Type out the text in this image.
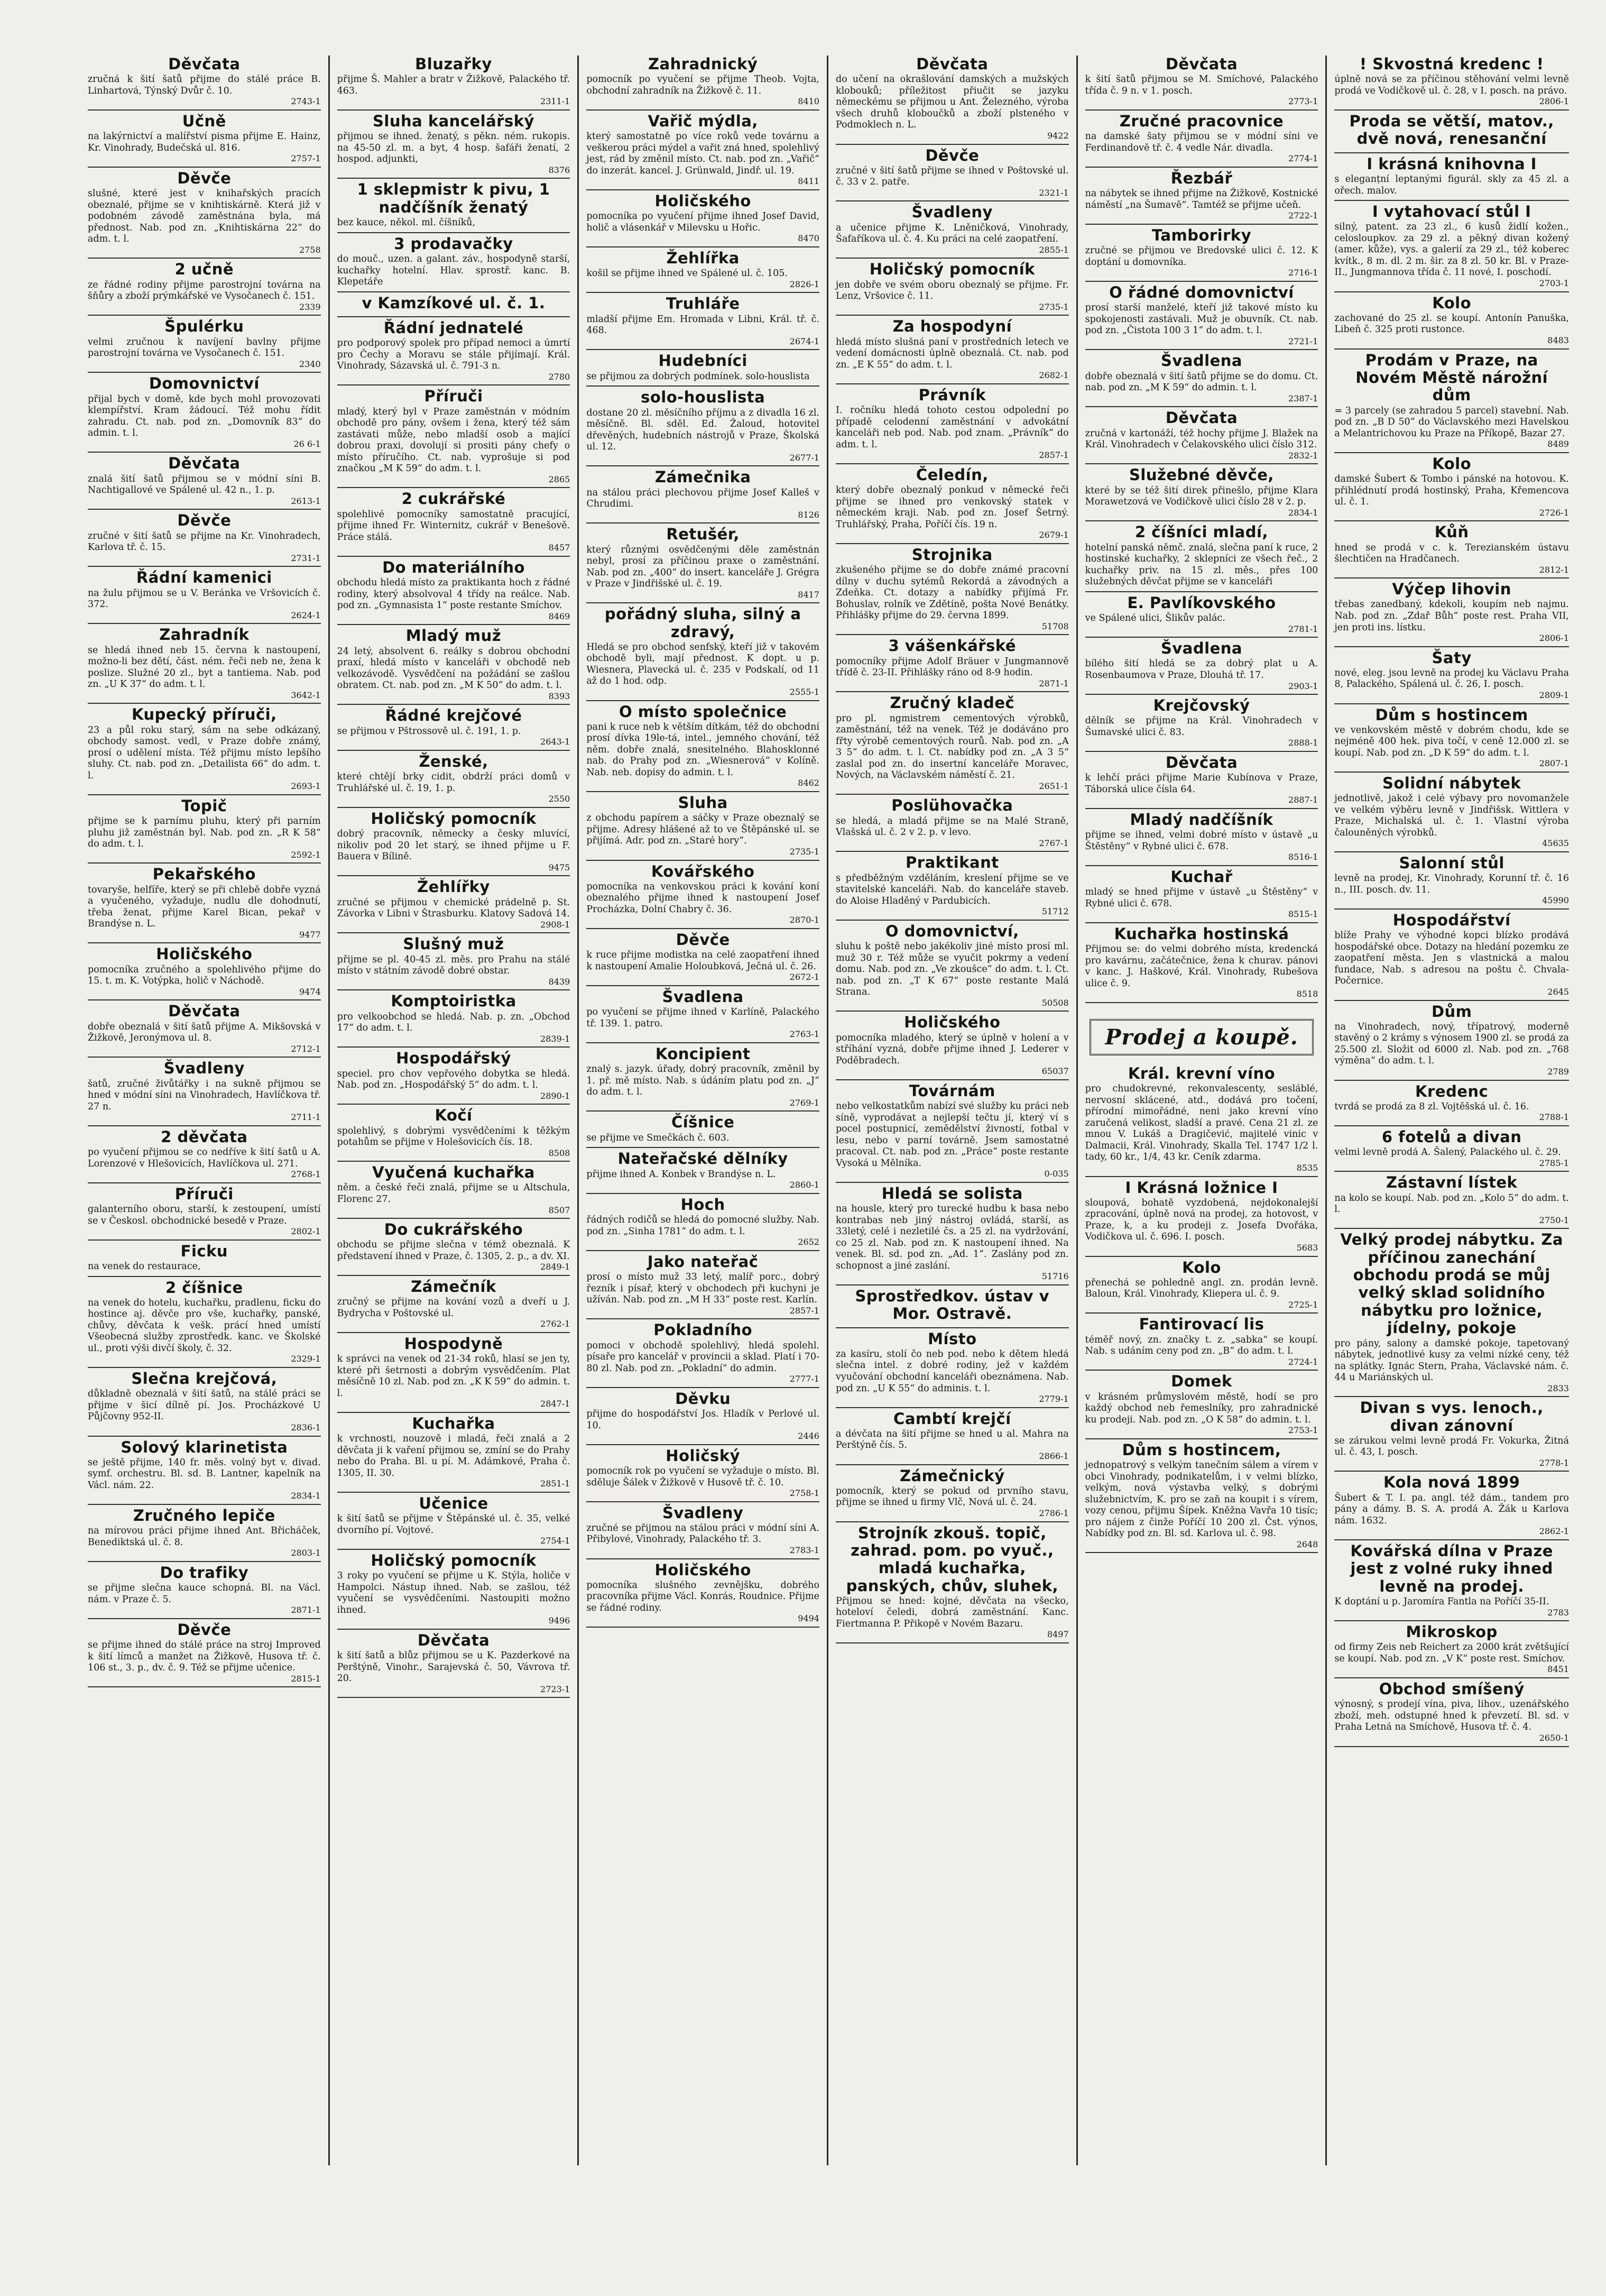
Děvčata

zručná k šití šatů přijme do stálé práce B. Linhartová, Týnský Dvůr č. 10.

2743-1
Učně

na lakýrnictví a malířství pisma přijme E. Hainz, Kr. Vinohrady, Budečská ul. 816.

2757-1
Děvče

slušné, které jest v knihařských pracích obeznalé, přijme se v knihtiskárně. Která již v podobném závodě zaměstnána byla, má přednost. Nab. pod zn. „Knihtiskárna 22“ do adm. t. l.

2758
2 učně

ze řádné rodiny přijme parostrojní továrna na šňůry a zboží prýmkářské ve Vysočanech č. 151.

2339
Špulérku

velmi zručnou k navíjení bavlny přijme parostrojní továrna ve Vysočanech č. 151.

2340
Domovnictví

přijal bych v domě, kde bych mohl provozovati klempířství. Kram žádoucí. Též mohu řídit zahradu. Ct. nab. pod zn. „Domovník 83“ do admin. t. l.

26 6-1
Děvčata

znalá šití šatů přijmou se v módní síni B. Nachtigallové ve Spálené ul. 42 n., 1. p.

2613-1
Děvče

zručné v šití šatů se přijme na Kr. Vinohradech, Karlova tř. č. 15.

2731-1
Řádní kamenici

na žulu přijmou se u V. Beránka ve Vršovicích č. 372.

2624-1
Zahradník

se hledá ihned neb 15. června k nastoupení, možno-li bez dětí, část. ném. řeči neb ne, žena k poslize. Služné 20 zl., byt a tantiema. Nab. pod zn. „U K 37“ do adm. t. l.

3642-1
Kupecký příruči,

23 a půl roku starý, sám na sebe odkázaný, obchody samost. vedl, v Praze dobře známý, prosí o udělení místa. Též přijmu místo lepšího sluhy. Ct. nab. pod zn. „Detailista 66“ do adm. t. l.

2693-1
Topič

přijme se k parnímu pluhu, který při parním pluhu již zaměstnán byl. Nab. pod zn. „R K 58“ do adm. t. l.

2592-1
Pekařského

tovaryše, helfíře, který se při chlebě dobře vyzná a vyučeného, vyžaduje, nudlu dle dohodnutí, třeba ženat, přijme Karel Bican, pekař v Brandýse n. L.

9477
Holičského

pomocníka zručného a spolehlivého přijme do 15. t. m. K. Votýpka, holič v Náchodě.

9474
Děvčata

dobře obeznalá v šití šatů přijme A. Mikšovská v Žižkově, Jeronýmova ul. 8.

2712-1
Švadleny

šatů, zručné živůtářky i na sukně přijmou se hned v módní síni na Vinohradech, Havlíčkova tř. 27 n.

2711-1
2 děvčata

po vyučení přijmou se co nedříve k šití šatů u A. Lorenzové v Hlešovicích, Havlíčkova ul. 271.

2768-1
Příruči

galanterního oboru, starší, k zestoupení, umístí se v Českosl. obchodnické besedě v Praze.

2802-1
Ficku

na venek do restaurace,

2 číšnice

na venek do hotelu, kuchařku, pradlenu, ficku do hostince aj. děvče pro vše, kuchařky, panské, chůvy, děvčata k vešk. prácí hned umístí Všeobecná služby zprostředk. kanc. ve Školské ul., proti výši divčí školy, č. 32.

2329-1
Slečna krejčová,

důkladně obeznalá v šití šatů, na stálé práci se přijme v šicí dílně pí. Jos. Procházkové U Půjčovny 952-II.

2836-1
Solový klarinetista

se ještě přijme, 140 fr. měs. volný byt v. divad. symf. orchestru. Bl. sd. B. Lantner, kapelník na Václ. nám. 22.

2834-1
Zručného lepiče

na mírovou práci přijme ihned Ant. Břicháček, Benediktská ul. č. 8.

2803-1
Do trafiky

se přijme slečna kauce schopná. Bl. na Václ. nám. v Praze č. 5.

2871-1
Děvče

se přijme ihned do stálé práce na stroj Improved k šití límců a manžet na Žižkově, Husova tř. č. 106 st., 3. p., dv. č. 9. Též se přijme učenice.

2815-1
Bluzařky

přijme Š. Mahler a bratr v Žižkově, Palackého tř. 463.

2311-1
Sluha kancelářský

přijmou se ihned. ženatý, s pěkn. ném. rukopis. na 45-50 zl. m. a byt, 4 hosp. šafáři ženatí, 2 hospod. adjunkti,

8376
1 sklepmistr k pivu, 1 nadčíšník ženatý

bez kauce, někol. ml. číšníků,

3 prodavačky

do mouč., uzen. a galant. záv., hospodyně starší, kuchařky hotelní. Hlav. sprostř. kanc. B. Klepetáře

v Kamzíkové ul. č. 1.

Řádní jednatelé

pro podporový spolek pro případ nemoci a úmrtí pro Čechy a Moravu se stále přijímají. Král. Vinohrady, Sázavská ul. č. 791-3 n.

2780
Příruči

mladý, který byl v Praze zaměstnán v módním obchodě pro pány, ovšem i žena, který též sám zastávati může, nebo mladší osob a mající dobrou praxi, dovolují si prositi pány chefy o místo příručího. Ct. nab. vyprošuje si pod značkou „M K 59“ do adm. t. l.

2865
2 cukrářské

spolehlivé pomocníky samostatně pracující, přijme ihned Fr. Winternitz, cukrář v Benešově. Práce stálá.

8457
Do materiálního

obchodu hledá místo za praktikanta hoch z řádné rodiny, který absolvoval 4 třídy na reálce. Nab. pod zn. „Gymnasista 1“ poste restante Smíchov.

8469
Mladý muž

24 letý, absolvent 6. reálky s dobrou obchodní praxí, hledá místo v kanceláři v obchodě neb velkozávodě. Vysvědčení na požádání se zašlou obratem. Ct. nab. pod zn. „M K 50“ do adm. t. l.

8393
Řádné krejčové

se přijmou v Pštrossově ul. č. 191, 1. p.

2643-1
Ženské,

které chtějí brky cidit, obdrží práci domů v Truhlářské ul. č. 19, 1. p.

2550
Holičský pomocník

dobrý pracovník, německy a česky mluvící, nikoliv pod 20 let starý, se ihned přijme u F. Bauera v Bílině.

9475
Žehlířky

zručné se přijmou v chemické prádelně p. St. Závorka v Libni v Štrasburku. Klatovy Sadová 14.

2908-1
Slušný muž

přijme se pl. 40-45 zl. měs. pro Prahu na stálé místo v státním závodě dobré obstar.

8439
Komptoiristka

pro velkoobchod se hledá. Nab. p. zn. „Obchod 17“ do adm. t. l.

2839-1
Hospodářský

speciel. pro chov vepřového dobytka se hledá. Nab. pod zn. „Hospodářský 5“ do adm. t. l.

2890-1
Kočí

spolehlivý, s dobrými vysvědčeními k těžkým potahům se přijme v Holešovicích čís. 18.

8508
Vyučená kuchařka

něm. a české řeči znalá, přijme se u Altschula, Florenc 27.

8507
Do cukrářského

obchodu se přijme slečna v témž obeznalá. K představení ihned v Praze, č. 1305, 2. p., a dv. XI.

2849-1
Zámečník

zručný se přijme na kování vozů a dveří u J. Bydrycha v Poštovské ul.

2762-1
Hospodyně

k správci na venek od 21-34 roků, hlasí se jen ty, které při šetrnosti a dobrým vysvědčením. Plat měsíčně 10 zl. Nab. pod zn. „K K 59“ do admin. t. l.

2847-1
Kuchařka

k vrchnosti, nouzově i mladá, řeči znalá a 2 děvčata ji k vaření přijmou se, zmíní se do Prahy nebo do Praha. Bl. u pí. M. Adámkové, Praha č. 1305, II. 30.

2851-1
Učenice

k šití šatů se přijme v Štěpánské ul. č. 35, velké dvorního pí. Vojtové.

2754-1
Holičský pomocník

3 roky po vyučení se přijme u K. Stýla, holiče v Hampolci. Nástup ihned. Nab. se zašlou, též vyučení se vysvědčeními. Nastoupiti možno ihned.

9496
Děvčata

k šití šatů a blůz přijmou se u K. Pazderkové na Perštýně, Vinohr., Sarajevská č. 50, Vávrova tř. 20.

2723-1
Zahradnický

pomocník po vyučení se přijme Theob. Vojta, obchodní zahradník na Žižkově č. 11.

8410
Vařič mýdla,

který samostatně po více roků vede továrnu a veškerou práci mýdel a vařit zná hned, spolehlivý jest, rád by změnil místo. Ct. nab. pod zn. „Vařič“ do inzerát. kancel. J. Grünwald, Jindř. ul. 19.

8411
Holičského

pomocníka po vyučení přijme ihned Josef David, holič a vlásenkář v Milevsku u Hořic.

8470
Žehlířka

košil se přijme ihned ve Spálené ul. č. 105.

2826-1
Truhláře

mladší přijme Em. Hromada v Libni, Král. tř. č. 468.

2674-1
Hudebníci

se přijmou za dobrých podmínek. solo-houslista

solo-houslista

dostane 20 zl. měsíčního příjmu a z divadla 16 zl. měsíčně. Bl. sděl. Ed. Žaloud, hotovitel dřevěných, hudebních nástrojů v Praze, Školská ul. 12.

2677-1
Zámečnika

na stálou práci plechovou přijme Josef Kalleš v Chrudimi.

8126
Retušér,

který různými osvědčenými děle zaměstnán nebyl, prosí za příčinou praxe o zaměstnání. Nab. pod zn. „400“ do insert. kanceláře J. Grégra v Praze v Jindřišské ul. č. 19.

8417
pořádný sluha, silný a zdravý,

Hledá se pro obchod senfský, kteří již v takovém obchodě byli, mají přednost. K dopt. u p. Wiesnera, Plavecká ul. č. 235 v Podskalí, od 11 až do 1 hod. odp.

2555-1
O místo společnice

pani k ruce neb k větším dítkám, též do obchodní prosí dívka 19le-tá, intel., jemného chování, též něm. dobře znalá, snesitelného. Blahosklonné nab. do Prahy pod zn. „Wiesnerová“ v Kolíně. Nab. neb. dopisy do admin. t. l.

8462
Sluha

z obchodu papírem a sáčky v Praze obeznalý se přijme. Adresy hlášené až to ve Štěpánské ul. se přijímá. Adr. pod zn. „Staré hory“.

2735-1
Kovářského

pomocníka na venkovskou práci k kování koní obeznalého přijme ihned k nastoupení Josef Procházka, Dolní Chabry č. 36.

2870-1
Děvče

k ruce přijme modistka na celé zaopatření ihned k nastoupení Amalie Holoubková, Ječná ul. č. 26.

2672-1
Švadlena

po vyučení se přijme ihned v Karlíně, Palackého tř. 139. 1. patro.

2763-1
Koncipient

znalý s. jazyk. úřady, dobrý pracovník, změnil by 1. př. mě místo. Nab. s údáním platu pod zn. „J“ do adm. t. l.

2769-1
Číšnice

se přijme ve Smečkách č. 603.

Nateřačské dělníky

přijme ihned A. Konbek v Brandýse n. L.

2860-1
Hoch

řádných rodičů se hledá do pomocné služby. Nab. pod zn. „Sinha 1781“ do adm. t. l.

2652
Jako nateřač

prosí o místo muž 33 letý, malíř porc., dobrý řezník i písař, který v obchodech při kuchyni je užíván. Nab. pod zn. „M H 33“ poste rest. Karlín.

2857-1
Pokladního

pomoci v obchodě spolehlivý, hledá spolehl. písaře pro kancelář v provincii a sklad. Platí i 70-80 zl. Nab. pod zn. „Pokladní“ do admin.

2777-1
Děvku

přijme do hospodářství Jos. Hladík v Perlové ul. 10.

2446
Holičský

pomocník rok po vyučení se vyžaduje o místo. Bl. sděluje Šálek v Žižkově v Husově tř. č. 10.

2758-1
Švadleny

zručné se přijmou na stálou práci v módní síni A. Přibylové, Vinohrady, Palackého tř. 3.

2783-1
Holičského

pomocníka slušného zevnějšku, dobrého pracovníka přijme Václ. Konrás, Roudnice. Přijme se řádné rodiny.

9494
Děvčata

do učení na okrašlování damských a mužských klobouků; příležitost přiučit se jazyku německému se přijmou u Ant. Železného, výroba všech druhů kloboučků a zboží plsteného v Podmoklech n. L.

9422
Děvče

zručné v šití šatů přijme se ihned v Poštovské ul. č. 33 v 2. patře.

2321-1
Švadleny

a učenice přijme K. Lněničková, Vinohrady, Šafaříkova ul. č. 4. Ku práci na celé zaopatření.

2855-1
Holičský pomocník

jen dobře ve svém oboru obeznalý se přijme. Fr. Lenz, Vršovice č. 11.

2735-1
Za hospodyní

hledá místo slušná paní v prostředních letech ve vedení domácnosti úplně obeznalá. Ct. nab. pod zn. „E K 55“ do adm. t. l.

2682-1
Právník

I. ročníku hledá tohoto cestou odpolední po případě celodenní zaměstnání v advokátní kanceláři neb pod. Nab. pod znam. „Právník“ do adm. t. l.

2857-1
Čeledín,

který dobře obeznalý ponkud v německé řeči přijme se ihned pro venkovský statek v německém kraji. Nab. pod zn. Josef Šetrný. Truhlářský, Praha, Poříčí čís. 19 n.

2679-1
Strojnika

zkušeného přijme se do dobře známé pracovní dílny v duchu sytémů Rekordá a závodných a Zdeňka. Ct. dotazy a nabídky přijímá Fr. Bohuslav, rolník ve Zdětíně, pošta Nové Benátky. Přihlášky přijme do 29. června 1899.

51708
3 vášenkářské

pomocníky přijme Adolf Bräuer v Jungmannově třídě č. 23-II. Přihlášky ráno od 8-9 hodin.

2871-1
Zručný kladeč

pro pl. ngmistrem cementových výrobků, zaměstnání, též na venek. Též je dodáváno pro fřty výrobě cementových rourů. Nab. pod zn. „A 3 5“ do adm. t. l. Ct. nabídky pod zn. „A 3 5“ zaslal pod zn. do insertní kanceláře Moravec, Nových, na Václavském náměstí č. 21.

2651-1
Poslühovačka

se hledá, a mladá přijme se na Malé Straně, Vlašská ul. č. 2 v 2. p. v levo.

2767-1
Praktikant

s předběžným vzděláním, kreslení přijme se ve stavitelské kanceláři. Nab. do kanceláře staveb. do Aloise Hladěný v Pardubicích.

51712
O domovnictví,

sluhu k poště nebo jakékoliv jiné místo prosí ml. muž 30 r. Též může se vyučit pokrmy a vedení domu. Nab. pod zn. „Ve zkoušce“ do adm. t. l. Ct. nab. pod zn. „T K 67“ poste restante Malá Strana.

50508
Holičského

pomocníka mladého, který se úplně v holení a v stříhání vyzná, dobře přijme ihned J. Lederer v Poděbradech.

65037
Továrnám

nebo velkostatkům nabízí své služby ku práci neb síně, vyprodávat a nejlepší tečtu jí, který ví s pocel postupnicí, zemědělství živností, fotbal v lesu, nebo v parní továrně. Jsem samostatné pracoval. Ct. nab. pod zn. „Práce“ poste restante Vysoká u Mělníka.

0-035
Hledá se solista

na housle, který pro turecké hudbu k basa nebo kontrabas neb jiný nástroj ovládá, starší, as 33letý, celé i nezletilé čs. a 25 zl. na vydržování, co 25 zl. Nab. pod zn. K nastoupení ihned. Na venek. Bl. sd. pod zn. „Ad. 1“. Zaslány pod zn. schopnost a jiné zaslání.

51716
Sprostředkov. ústav v Mor. Ostravě.

Místo

za kasíru, stolí čo neb pod. nebo k dětem hledá slečna intel. z dobré rodiny, jež v každém vyučování obchodní kanceláři obeznámena. Nab. pod zn. „U K 55“ do adminis. t. l.

2779-1
Cambtí krejčí

a dévčata na šití přijme se hned u al. Mahra na Perštýně čís. 5.

2866-1
Zámečnický

pomocník, který se pokud od prvního stavu, přijme se ihned u firmy Vlč, Nová ul. č. 24.

2786-1
Strojník zkouš. topič, zahrad. pom. po vyuč., mladá kuchařka, panských, chův, sluhek,

Přijmou se hned: kojné, děvčata na všecko, hoteloví čeledi, dobrá zaměstnání. Kanc. Fiertmanna P. Přikopě v Novém Bazaru.

8497
Děvčata

k šití šatů přijmou se M. Smíchové, Palackého třída č. 9 n. v 1. posch.

2773-1
Zručné pracovnice

na damské šaty přijmou se v módní síni ve Ferdinandově tř. č. 4 vedle Nár. divadla.

2774-1
Řezbář

na nábytek se ihned přijme na Žižkově, Kostnické náměstí „na Šumavě“. Tamtéž se přijme učeň.

2722-1
Tamborirky

zručné se přijmou ve Bredovské ulici č. 12. K doptání u domovníka.

2716-1
O řádné domovnictví

prosí starší manželé, kteří již takové místo ku spokojenosti zastávali. Muž je obuvník. Ct. nab. pod zn. „Čistota 100 3 1“ do adm. t. l.

2721-1
Švadlena

dobře obeznalá v šití šatů přijme se do domu. Ct. nab. pod zn. „M K 59“ do admin. t. l.

2387-1
Děvčata

zručná v kartonáží, též hochy přijme J. Blažek na Král. Vinohradech v Čelakovského ulici číslo 312.

2832-1
Služebné děvče,

které by se též šití direk přinešlo, přijme Klara Morawetzová ve Vodičkově ulici číslo 28 v 2. p.

2834-1
2 číšníci mladí,

hotelní panská němč. znalá, slečna paní k ruce, 2 hostinské kuchařky, 2 sklepníci ze všech řeč., 2 kuchařky priv. na 15 zl. měs., přes 100 služebných děvčat přijme se v kanceláři

E. Pavlíkovského

ve Spálené ulici, Šlikův palác.

2781-1
Švadlena

bílého šití hledá se za dobrý plat u A. Rosenbaumova v Praze, Dlouhá tř. 17.

2903-1
Krejčovský

dělník se přijme na Král. Vinohradech v Šumavské ulici č. 83.

2888-1
Děvčata

k lehčí práci přijme Marie Kubínova v Praze, Táborská ulice čísla 64.

2887-1
Mladý nadčíšník

přijme se ihned, velmi dobré místo v ústavě „u Štěstěny“ v Rybné ulici č. 678.

8516-1
Kuchař

mladý se hned přijme v ústavě „u Štěstěny“ v Rybné ulici č. 678.

8515-1
Kuchařka hostinská

Přijmou se: do velmi dobrého místa, kredencká pro kavárnu, začátečnice, žena k churav. pánovi v kanc. J. Haškové, Král. Vinohrady, Rubešova ulice č. 9.

8518
Prodej a koupě.
Král. krevní víno

pro chudokrevné, rekonvalescenty, sesláblé, nervosní sklácené, atd., dodává pro točení, přírodní mimořádné, neni jako krevní víno zaručená velikost, sladší a pravé. Cena 21 zl. ze mnou V. Lukáš a Dragičević, majitelé vinic v Dalmacii, Král. Vinohrady, Skalla Tel. 1747 1/2 l. tady, 60 kr., 1/4, 43 kr. Ceník zdarma.

8535
I Krásná ložnice I

sloupová, bohatě vyzdobená, nejdokonalejší zpracování, úplně nová na prodej, za hotovost, v Praze, k, a ku prodeji z. Josefa Dvořáka, Vodičkova ul. č. 696. I. posch.

5683
Kolo

přenechá se pohledně angl. zn. prodán levně. Baloun, Král. Vinohrady, Kliepera ul. č. 9.

2725-1
Fantirovací lis

téměř nový, zn. značky t. z. „sabka“ se koupí. Nab. s udáním ceny pod zn. „B“ do adm. t. l.

2724-1
Domek

v krásném průmyslovém městě, hodí se pro každý obchod neb řemeslníky, pro zahradnické ku prodeji. Nab. pod zn. „O K 58“ do admin. t. l.

2753-1
Dům s hostincem,

jednopatrový s velkým tanečním sálem a vírem v obci Vinohrady, podnikatelům, i v velmi blízko, velkým, nová výstavba velký, s dobrými služebnictvím, K. pro se zaň na koupit i s vírem, vozy cenou, přijmu Šípek. Kněžna Vavřa 10 tisíc; pro nájem z činže Poříčí 10 200 zl. Čst. výnos, Nabídky pod zn. Bl. sd. Karlova ul. č. 98.

2648
! Skvostná kredenc !

úplně nová se za příčinou stěhování velmi levně prodá ve Vodičkově ul. č. 28, v I. posch. na právo.

2806-1
Proda se větší, matov., dvě nová, renesanční

I krásná knihovna I

s eleganțní leptanými figurál. skly za 45 zl. a ořech. malov.

I vytahovací stůl I

silný, patent. za 23 zl., 6 kusů židlí kožen., celosloupkov. za 29 zl. a pěkný divan kožený (amer. kůže), vys. a galerií za 29 zl., též koberec kvítk., 8 m. dl. 2 m. šir. za 8 zl. 50 kr. Bl. v Praze-II., Jungmannova třída č. 11 nové, I. poschodí.

2703-1
Kolo

zachované do 25 zl. se koupí. Antonín Panuška, Libeň č. 325 proti rustonce.

8483
Prodám v Praze, na Novém Městě nárožní dům

= 3 parcely (se zahradou 5 parcel) stavební. Nab. pod zn. „B D 50“ do Václavského mezi Havelskou a Melantrichovou ku Praze na Příkopě, Bazar 27.

8489
Kolo

damské Šubert & Tombo i pánské na hotovou. K. přihlédnutí prodá hostinský, Praha, Křemencova ul. č. 1.

2726-1
Kůň

hned se prodá v c. k. Terezianském ústavu šlechtičen na Hradčanech.

2812-1
Výčep lihovin

třebas zanedbaný, kdekoli, koupím neb najmu. Nab. pod zn. „Zdař Bůh“ poste rest. Praha VII, jen proti ins. lístku.

2806-1
Šaty

nové, eleg. jsou levně na prodej ku Václavu Praha 8, Palackého, Spálená ul. č. 26, I. posch.

2809-1
Dům s hostincem

ve venkovském městě v dobrém chodu, kde se nejméně 400 hek. piva točí, v ceně 12.000 zl. se koupí. Nab. pod zn. „D K 59“ do adm. t. l.

2807-1
Solidní nábytek

jednotlivě, jakož i celé výbavy pro novomanžele ve velkém výběru levně v Jindřišsk. Wittlera v Praze, Michalská ul. č. 1. Vlastní výroba čalouněných výrobků.

45635
Salonní stůl

levně na prodej, Kr. Vinohrady, Korunní tř. č. 16 n., III. posch. dv. 11.

45990
Hospodářství

blíže Prahy ve výhodné kopci blízko prodává hospodářské obce. Dotazy na hledání pozemku ze zaopatření města. Jen s vlastnická a malou fundace, Nab. s adresou na poštu č. Chvala-Počernice.

2645
Dům

na Vinohradech, nový, třípatrový, moderně stavěný o 2 krámy s výnosem 1900 zl. se prodá za 25.500 zl. Složit od 6000 zl. Nab. pod zn. „768 výměna“ do adm. t. l.

2789
Kredenc

tvrdá se prodá za 8 zl. Vojtěšská ul. č. 16.

2788-1
6 fotelů a divan

velmi levně prodá A. Šalený, Palackého ul. č. 29.

2785-1
Zástavní lístek

na kolo se koupí. Nab. pod zn. „Kolo 5“ do adm. t. l.

2750-1
Velký prodej nábytku. Za příčinou zanechání obchodu prodá se můj velký sklad solidního nábytku pro ložnice, jídelny, pokoje

pro pány, salony a damské pokoje, tapetovaný nábytek, jednotlivé kusy za velmi nízké ceny, též na splátky. Ignác Stern, Praha, Václavské nám. č. 44 u Mariánských ul.

2833
Divan s vys. lenoch., divan zánovní

se zárukou velmi levně prodá Fr. Vokurka, Žitná ul. č. 43, I. posch.

2778-1
Kola nová 1899

Šubert & T. I. pa. angl. též dám., tandem pro pány a dámy. B. S. A. prodá A. Žák u Karlova nám. 1632.

2862-1
Kovářská dílna v Praze jest z volné ruky ihned levně na prodej.

K doptání u p. Jaromíra Fantla na Poříčí 35-II.

2783
Mikroskop

od firmy Zeis neb Reichert za 2000 krát zvětšující se koupí. Nab. pod zn. „V K“ poste rest. Smíchov.

8451
Obchod smíšený

výnosný, s prodejí vína, piva, lihov., uzenářského zboží, meh. odstupné hned k převzetí. Bl. sd. v Praha Letná na Smíchově, Husova tř. č. 4.

2650-1
